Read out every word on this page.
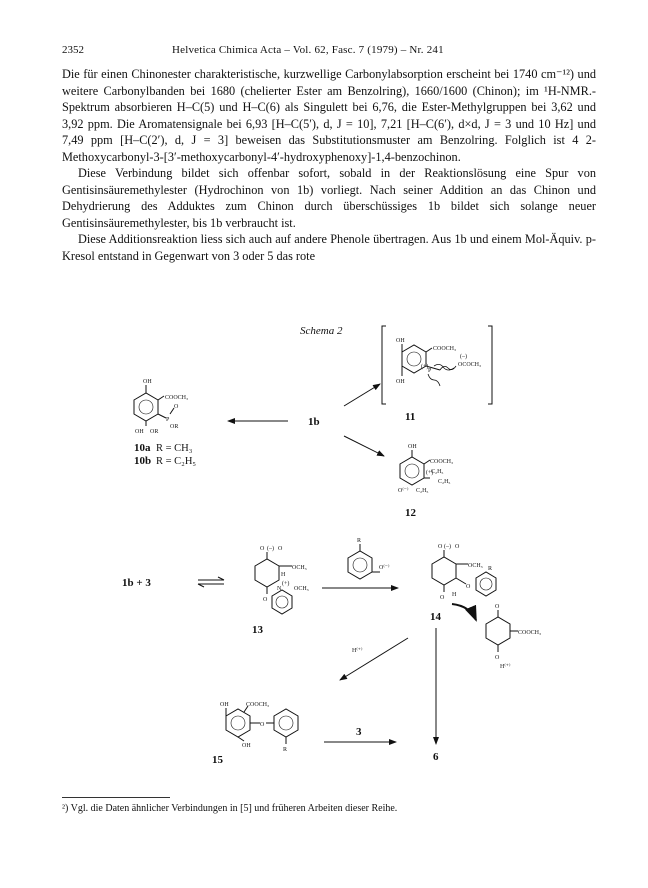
2352	Helvetica Chimica Acta – Vol. 62, Fasc. 7 (1979) – Nr. 241

Die für einen Chinonester charakteristische, kurzwellige Carbonylabsorption erscheint bei 1740 cm⁻¹²) und weitere Carbonylbanden bei 1680 (chelierter Ester am Benzolring), 1660/1600 (Chinon); im ¹H-NMR.-Spektrum absorbieren H–C(5) und H–C(6) als Singulett bei 6,76, die Ester-Methylgruppen bei 3,62 und 3,92 ppm. Die Aromatensignale bei 6,93 [H–C(5′), d, J = 10], 7,21 [H–C(6′), d×d, J = 3 und 10 Hz] und 7,49 ppm [H–C(2′), d, J = 3] beweisen das Substitutionsmuster am Benzolring. Folglich ist 4 2-Methoxycarbonyl-3-[3′-methoxycarbonyl-4′-hydroxyphenoxy]-1,4-benzochinon.

Diese Verbindung bildet sich offenbar sofort, sobald in der Reaktionslösung eine Spur von Gentisinsäuremethylester (Hydrochinon von 1b) vorliegt. Nach seiner Addition an das Chinon und Dehydrierung des Adduktes zum Chinon durch überschüssiges 1b bildet sich solange neuer Gentisinsäuremethylester, bis 1b verbraucht ist.

Diese Additionsreaktion liess sich auch auf andere Phenole übertragen. Aus 1b und einem Mol-Äquiv. p-Kresol entstand in Gegenwart von 3 oder 5 das rote

Schema 2
OH
COOCH₃
OH
P
(+)
(–)
OCOCH₃
11
OH
COOCH₃
P
O
OR
OH OR
10a R = CH₃
10b R = C₂H₅
1b
OH
COOCH₃
(+)
C₂H₅
C₂H₅
C₂H₅
O⁽⁻⁾
12
1b + 3
O (–) O
OCH₃
H
O
N
(+)
OCH₃
13
R
O⁽⁻⁾
O (–) O
OCH₃
O H
O
R
14
O
COOCH₃
O
H⁽⁺⁾
6
H⁽⁺⁾
OH	COOCH₃
O
R
OH
15
3
²) Vgl. die Daten ähnlicher Verbindungen in [5] und früheren Arbeiten dieser Reihe.
